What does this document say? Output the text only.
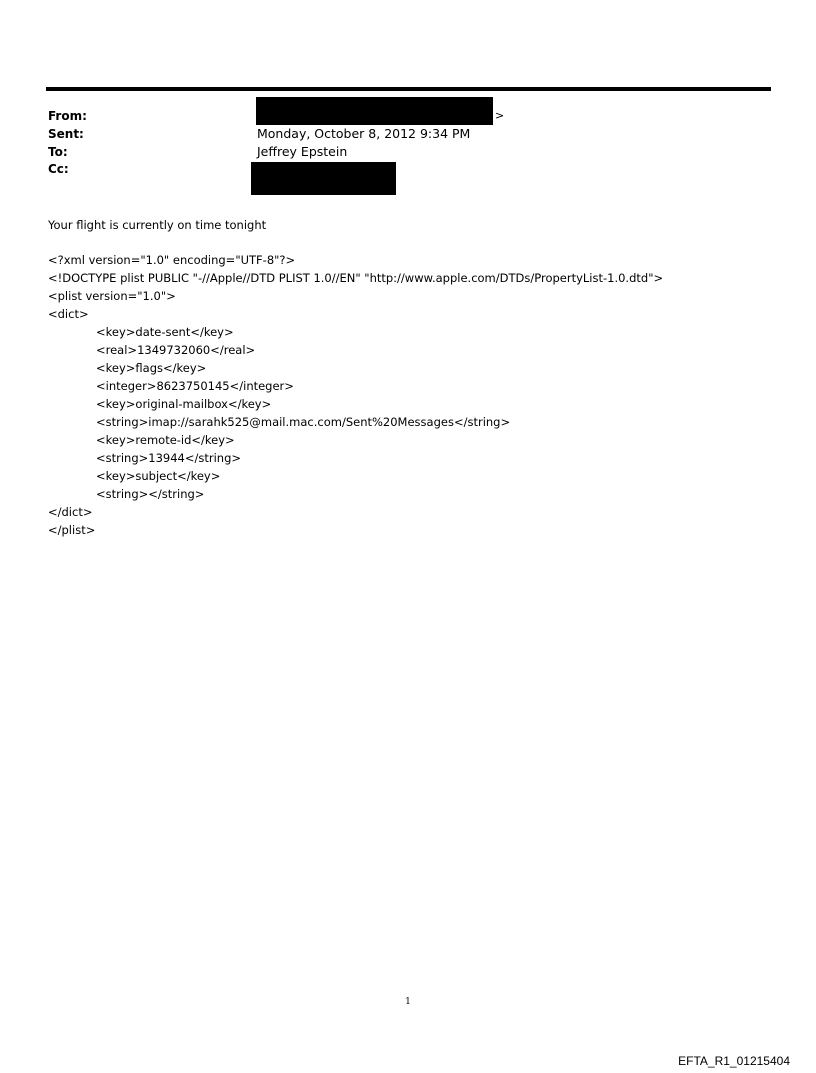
From:	>
Sent:	Monday, October 8, 2012 9:34 PM
To:	Jeffrey Epstein
Cc:
Your flight is currently on time tonight
<?xml version="1.0" encoding="UTF-8"?>
<!DOCTYPE plist PUBLIC "-//Apple//DTD PLIST 1.0//EN" "http://www.apple.com/DTDs/PropertyList-1.0.dtd">
<plist version="1.0">
<dict>
<key>date-sent</key>
<real>1349732060</real>
<key>flags</key>
<integer>8623750145</integer>
<key>original-mailbox</key>
<string>imap://sarahk525@mail.mac.com/Sent%20Messages</string>
<key>remote-id</key>
<string>13944</string>
<key>subject</key>
<string></string>
</dict>
</plist>
1
EFTA_R1_01215404
